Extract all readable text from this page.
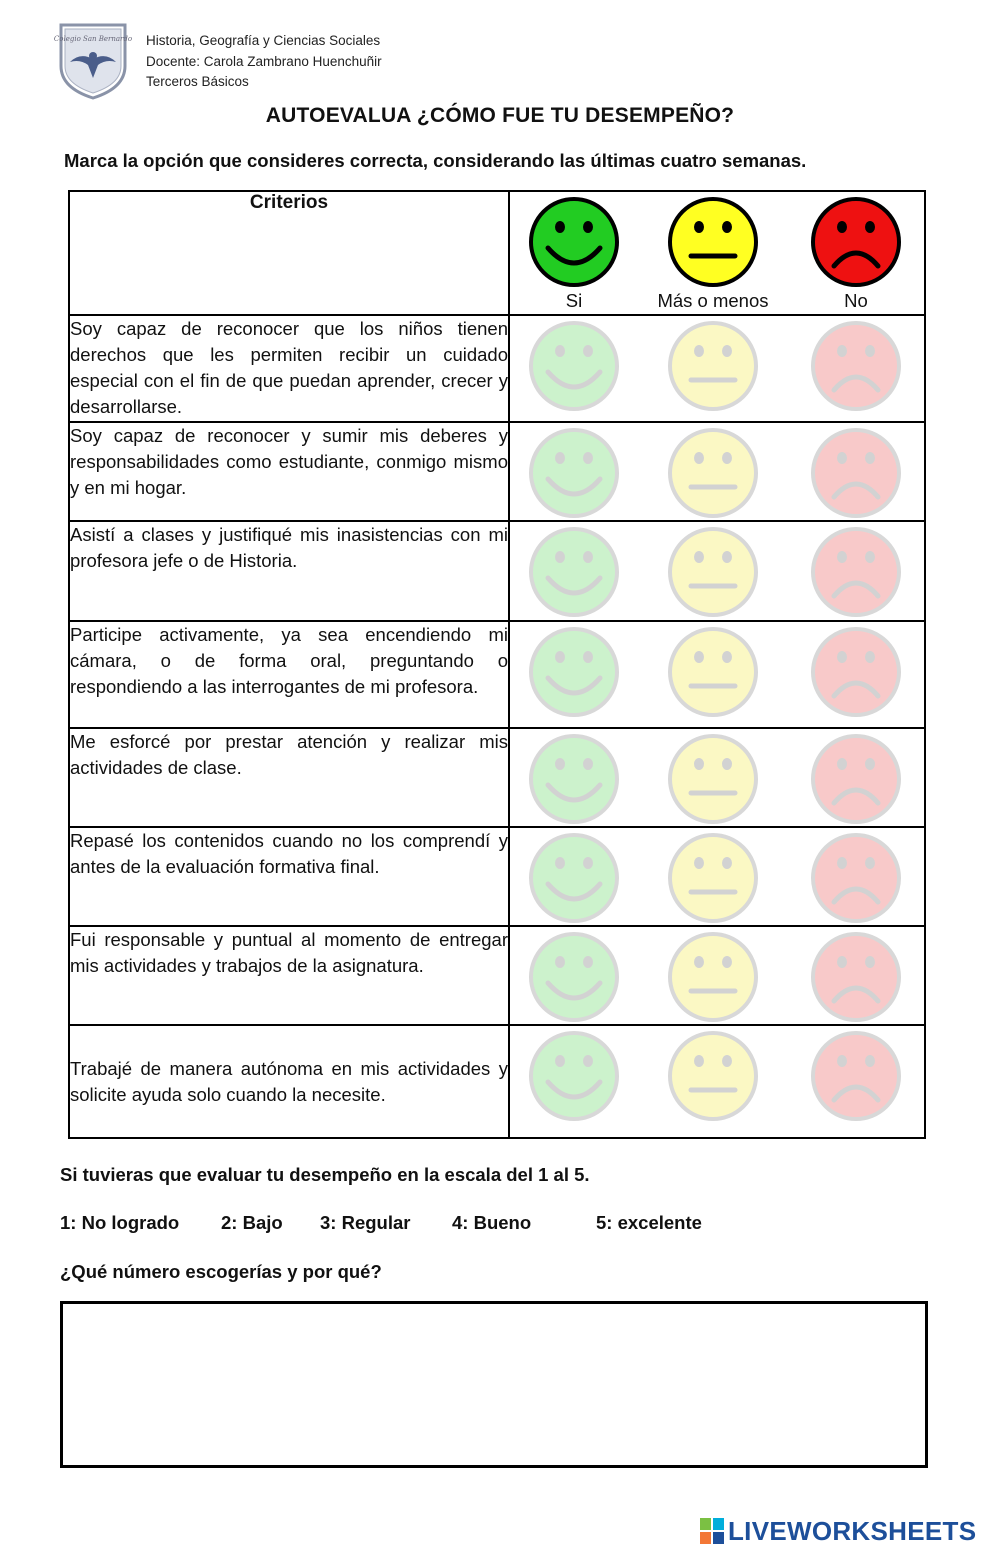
Colegio San Bernardo Historia, Geografía y Ciencias Sociales
Docente: Carola Zambrano Huenchuñir
Terceros Básicos
AUTOEVALUA ¿CÓMO FUE TU DESEMPEÑO?
Marca la opción que consideres correcta, considerando las últimas cuatro semanas.
Criterios	Si Más o menos No

Soy capaz de reconocer que los niños tienen derechos que les permiten recibir un cuidado especial con el fin de que puedan aprender, crecer y desarrollarse.	

Soy capaz de reconocer y sumir mis deberes y responsabilidades como estudiante, conmigo mismo y en mi hogar.	

Asistí a clases y justifiqué mis inasistencias con mi profesora jefe o de Historia.	

Participe activamente, ya sea encendiendo mi cámara, o de forma oral, preguntando o respondiendo a las interrogantes de mi profesora.	

Me esforcé por prestar atención y realizar mis actividades de clase.	

Repasé los contenidos cuando no los comprendí y antes de la evaluación formativa final.	

Fui responsable y puntual al momento de entregar mis actividades y trabajos de la asignatura.	

Trabajé de manera autónoma en mis actividades y solicite ayuda solo cuando la necesite.	
Si tuvieras que evaluar tu desempeño en la escala del 1 al 5.
1: No logrado 2: Bajo 3: Regular 4: Bueno	5: excelente
¿Qué número escogerías y por qué?
LIVEWORKSHEETS
